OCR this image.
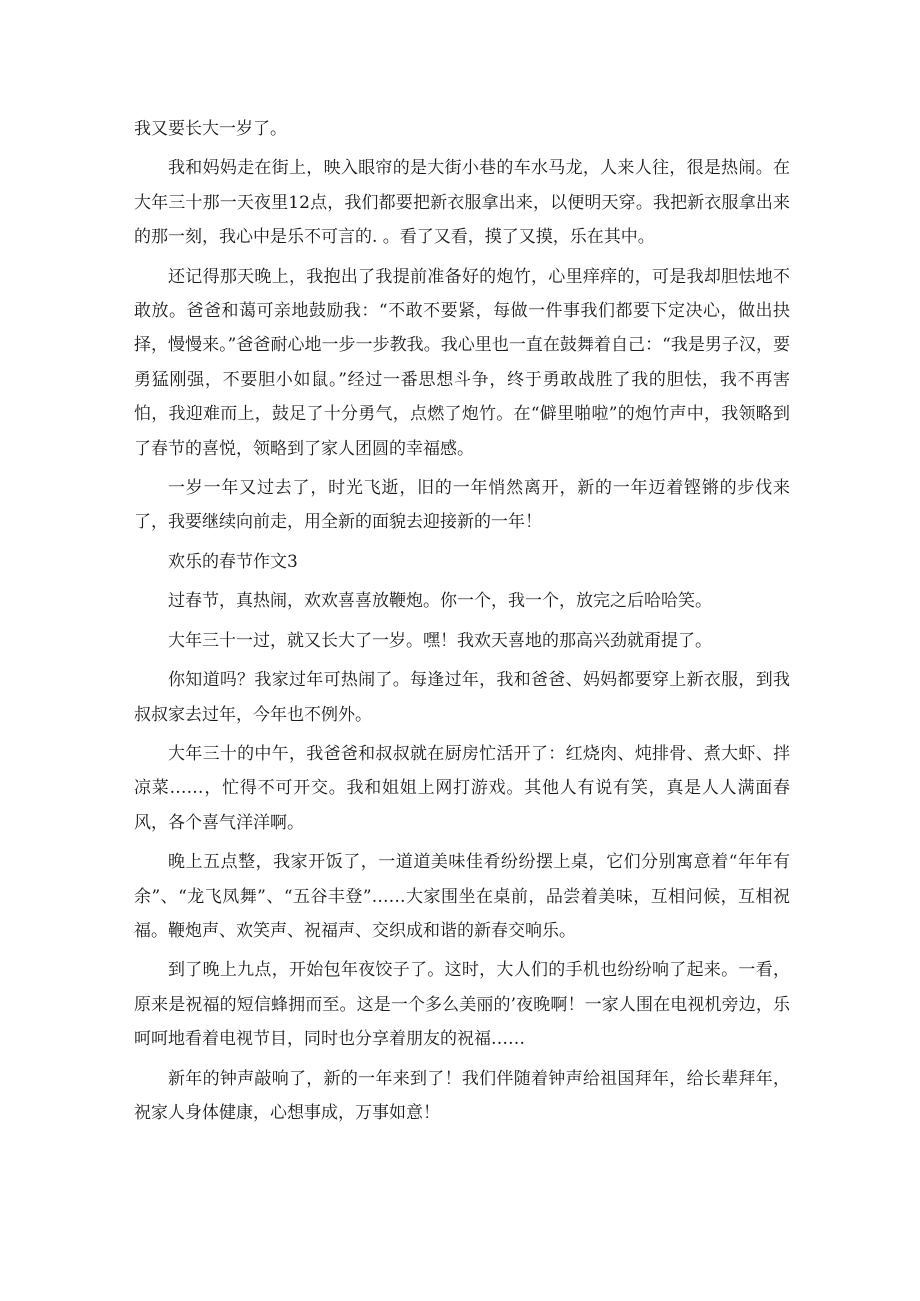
我又要长大一岁了。

我和妈妈走在街上，映入眼帘的是大街小巷的车水马龙，人来人往，很是热闹。在大年三十那一天夜里12点，我们都要把新衣服拿出来，以便明天穿。我把新衣服拿出来的那一刻，我心中是乐不可言的. 。看了又看，摸了又摸，乐在其中。

还记得那天晚上，我抱出了我提前准备好的炮竹，心里痒痒的，可是我却胆怯地不敢放。爸爸和蔼可亲地鼓励我：“不敢不要紧，每做一件事我们都要下定决心，做出抉择，慢慢来。”爸爸耐心地一步一步教我。我心里也一直在鼓舞着自己：“我是男子汉，要勇猛刚强，不要胆小如鼠。”经过一番思想斗争，终于勇敢战胜了我的胆怯，我不再害怕，我迎难而上，鼓足了十分勇气，点燃了炮竹。在“僻里啪啦”的炮竹声中，我领略到了春节的喜悦，领略到了家人团圆的幸福感。

一岁一年又过去了，时光飞逝，旧的一年悄然离开，新的一年迈着铿锵的步伐来了，我要继续向前走，用全新的面貌去迎接新的一年！

欢乐的春节作文3

过春节，真热闹，欢欢喜喜放鞭炮。你一个，我一个，放完之后哈哈笑。

大年三十一过，就又长大了一岁。嘿！我欢天喜地的那高兴劲就甭提了。

你知道吗？我家过年可热闹了。每逢过年，我和爸爸、妈妈都要穿上新衣服，到我叔叔家去过年，今年也不例外。

大年三十的中午，我爸爸和叔叔就在厨房忙活开了：红烧肉、炖排骨、煮大虾、拌凉菜……，忙得不可开交。我和姐姐上网打游戏。其他人有说有笑，真是人人满面春风，各个喜气洋洋啊。

晚上五点整，我家开饭了，一道道美味佳肴纷纷摆上桌，它们分别寓意着“年年有余”、“龙飞凤舞”、“五谷丰登”……大家围坐在桌前，品尝着美味，互相问候，互相祝福。鞭炮声、欢笑声、祝福声、交织成和谐的新春交响乐。

到了晚上九点，开始包年夜饺子了。这时，大人们的手机也纷纷响了起来。一看，原来是祝福的短信蜂拥而至。这是一个多么美丽的’夜晚啊！一家人围在电视机旁边，乐呵呵地看着电视节目，同时也分享着朋友的祝福……

新年的钟声敲响了，新的一年来到了！我们伴随着钟声给祖国拜年，给长辈拜年，祝家人身体健康，心想事成，万事如意！
